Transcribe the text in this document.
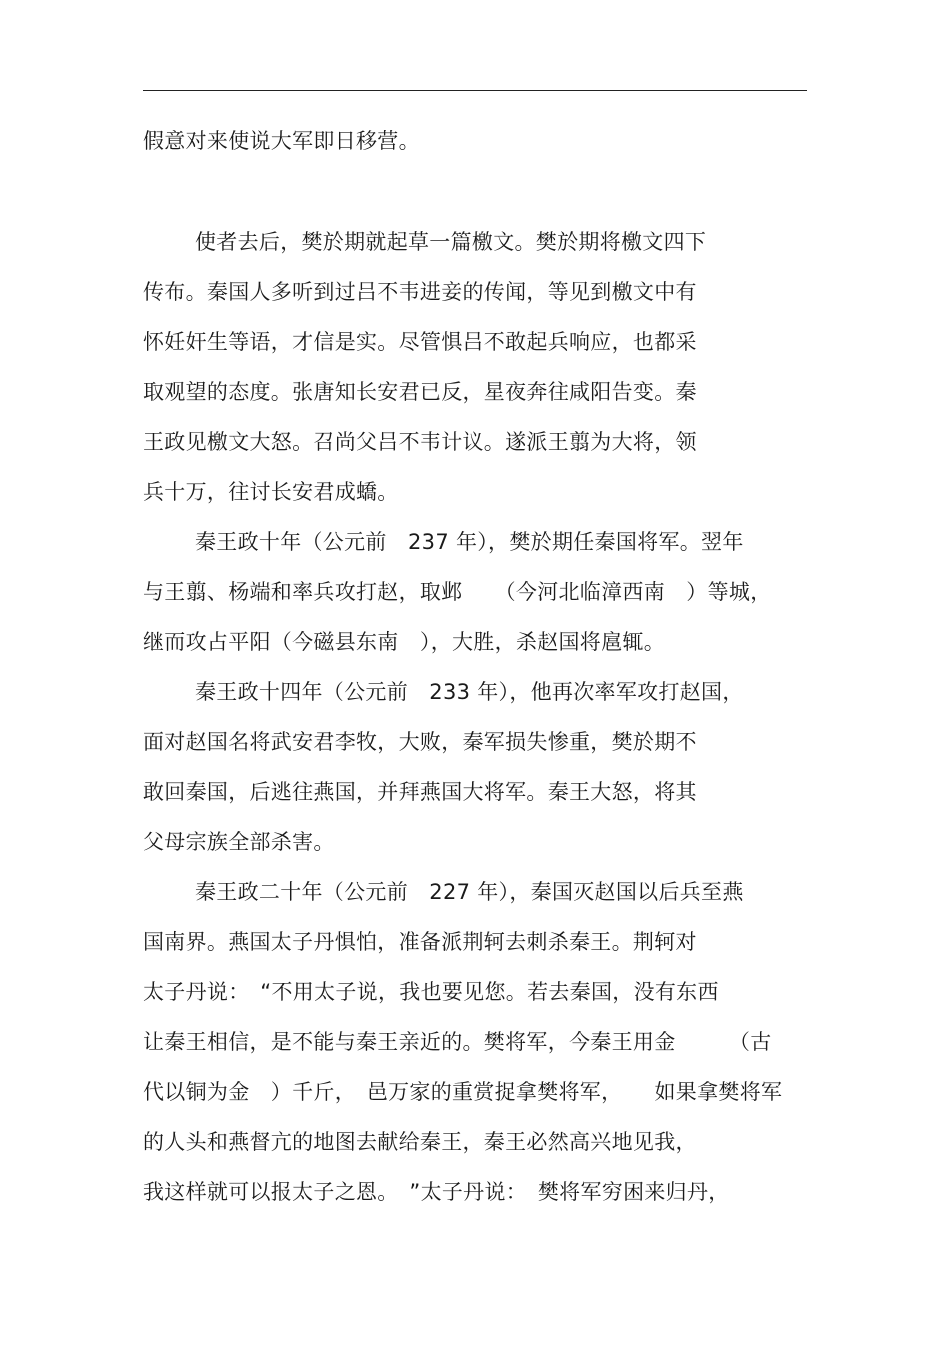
假意对来使说大军即日移营。
使者去后，樊於期就起草一篇檄文。樊於期将檄文四下
传布。秦国人多听到过吕不韦进妾的传闻，等见到檄文中有
怀妊奸生等语，才信是实。尽管惧吕不敢起兵响应，也都采
取观望的态度。张唐知长安君已反，星夜奔往咸阳告变。秦
王政见檄文大怒。召尚父吕不韦计议。遂派王翦为大将，领
兵十万，往讨长安君成蟜。
秦王政十年（公元前　237 年），樊於期任秦国将军。翌年
与王翦、杨端和率兵攻打赵，取邺　　（今河北临漳西南　）等城，
继而攻占平阳（今磁县东南　），大胜，杀赵国将扈辄。
秦王政十四年（公元前　233 年），他再次率军攻打赵国，
面对赵国名将武安君李牧，大败，秦军损失惨重，樊於期不
敢回秦国，后逃往燕国，并拜燕国大将军。秦王大怒，将其
父母宗族全部杀害。
秦王政二十年（公元前　227 年），秦国灭赵国以后兵至燕
国南界。燕国太子丹惧怕，准备派荆轲去刺杀秦王。荆轲对
太子丹说：　“不用太子说，我也要见您。若去秦国，没有东西
让秦王相信，是不能与秦王亲近的。樊将军，今秦王用金　　　（古
代以铜为金　）千斤，　邑万家的重赏捉拿樊将军，　　如果拿樊将军
的人头和燕督亢的地图去献给秦王，秦王必然高兴地见我，
我这样就可以报太子之恩。　”太子丹说：　樊将军穷困来归丹，
